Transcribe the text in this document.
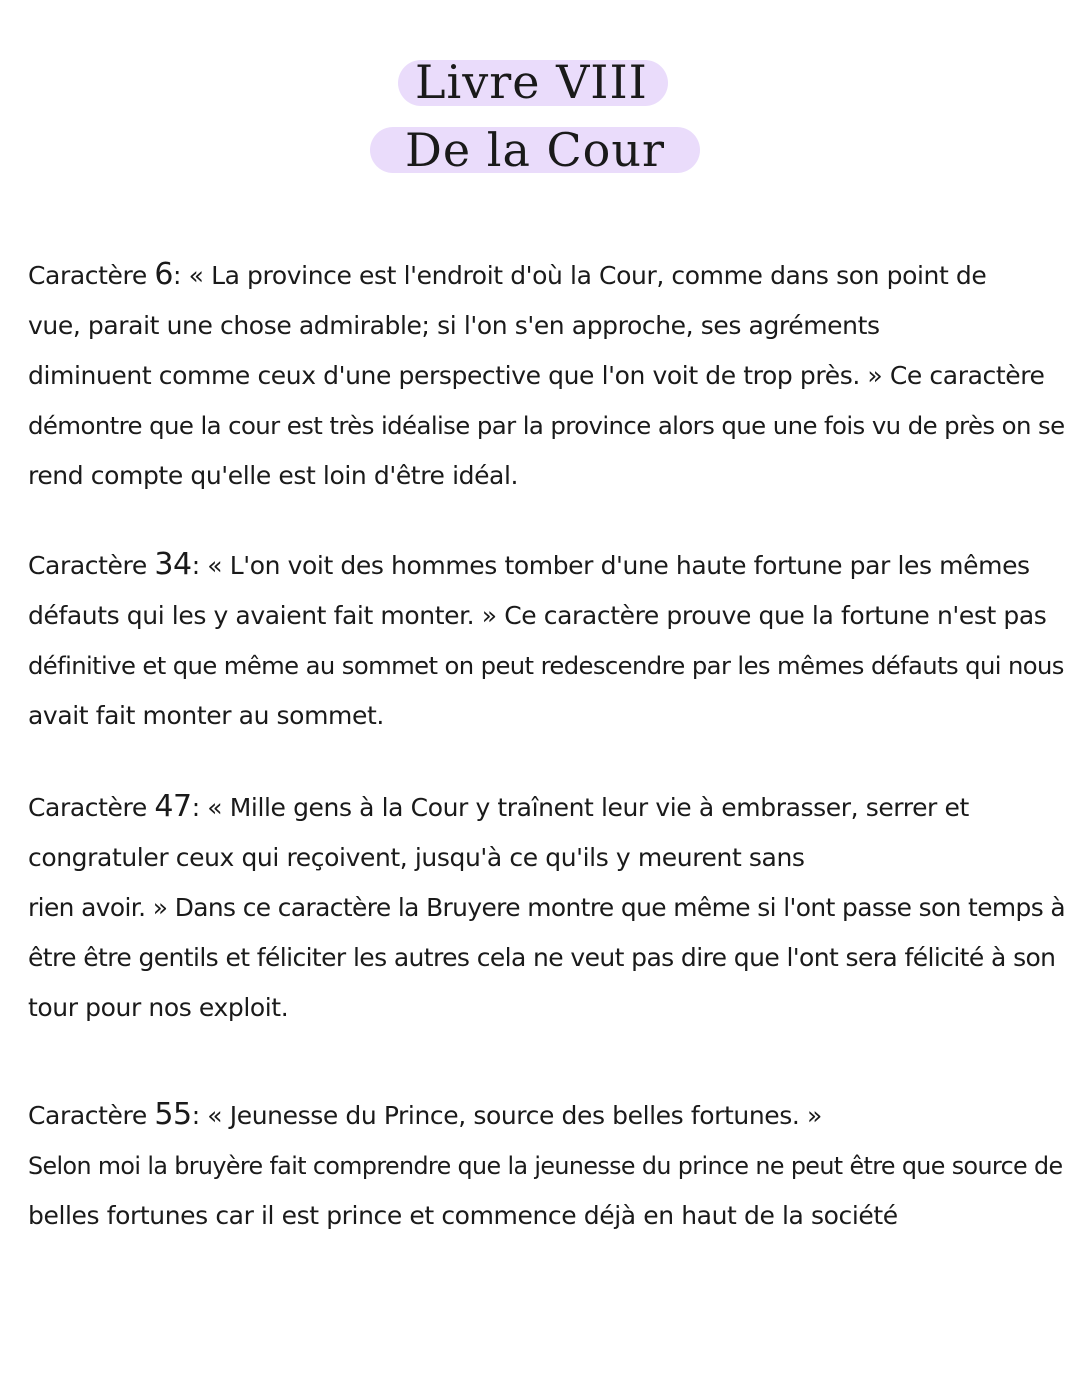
Livre VIII
De la Cour
Caractère 6: « La province est l'endroit d'où la Cour, comme dans son point de
vue, parait une chose admirable; si l'on s'en approche, ses agréments
diminuent comme ceux d'une perspective que l'on voit de trop près. » Ce caractère
démontre que la cour est très idéalise par la province alors que une fois vu de près on se
rend compte qu'elle est loin d'être idéal.
Caractère 34: « L'on voit des hommes tomber d'une haute fortune par les mêmes
défauts qui les y avaient fait monter. » Ce caractère prouve que la fortune n'est pas
définitive et que même au sommet on peut redescendre par les mêmes défauts qui nous
avait fait monter au sommet.
Caractère 47: « Mille gens à la Cour y traînent leur vie à embrasser, serrer et
congratuler ceux qui reçoivent, jusqu'à ce qu'ils y meurent sans
rien avoir. » Dans ce caractère la Bruyere montre que même si l'ont passe son temps à
être être gentils et féliciter les autres cela ne veut pas dire que l'ont sera félicité à son
tour pour nos exploit.
Caractère 55: « Jeunesse du Prince, source des belles fortunes. »
Selon moi la bruyère fait comprendre que la jeunesse du prince ne peut être que source de
belles fortunes car il est prince et commence déjà en haut de la société
